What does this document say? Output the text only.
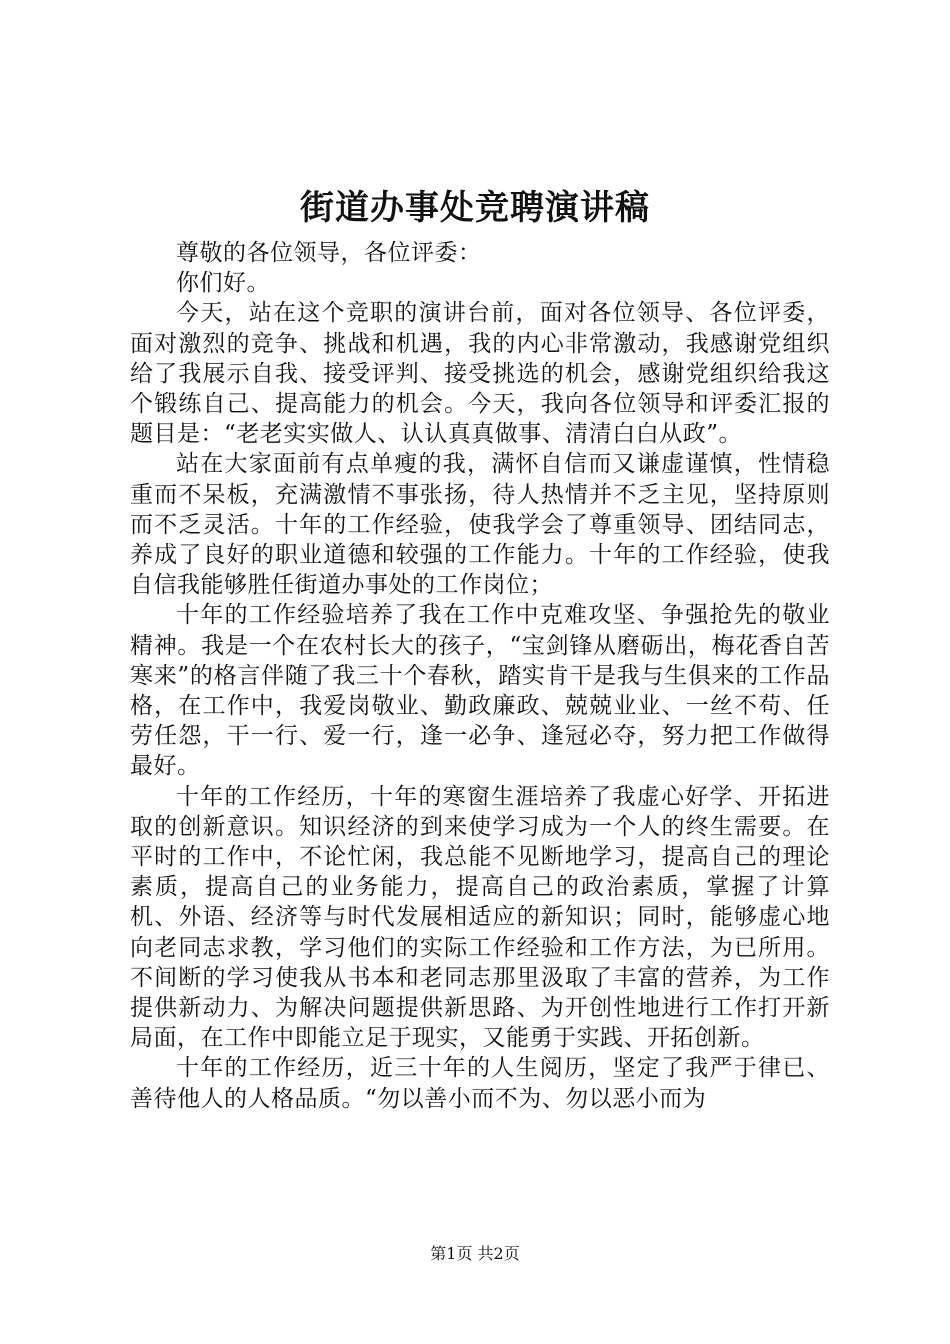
街道办事处竞聘演讲稿

尊敬的各位领导，各位评委：

你们好。

今天，站在这个竞职的演讲台前，面对各位领导、各位评委，面对激烈的竞争、挑战和机遇，我的内心非常激动，我感谢党组织给了我展示自我、接受评判、接受挑选的机会，感谢党组织给我这个锻练自己、提高能力的机会。今天，我向各位领导和评委汇报的题目是：“老老实实做人、认认真真做事、清清白白从政”。

站在大家面前有点单瘦的我，满怀自信而又谦虚谨慎，性情稳重而不呆板，充满激情不事张扬，待人热情并不乏主见，坚持原则而不乏灵活。十年的工作经验，使我学会了尊重领导、团结同志，养成了良好的职业道德和较强的工作能力。十年的工作经验，使我自信我能够胜任街道办事处的工作岗位；

十年的工作经验培养了我在工作中克难攻坚、争强抢先的敬业精神。我是一个在农村长大的孩子，“宝剑锋从磨砺出，梅花香自苦寒来”的格言伴随了我三十个春秋，踏实肯干是我与生俱来的工作品格，在工作中，我爱岗敬业、勤政廉政、兢兢业业、一丝不苟、任劳任怨，干一行、爱一行，逢一必争、逢冠必夺，努力把工作做得最好。

十年的工作经历，十年的寒窗生涯培养了我虚心好学、开拓进取的创新意识。知识经济的到来使学习成为一个人的终生需要。在平时的工作中，不论忙闲，我总能不见断地学习，提高自己的理论素质，提高自己的业务能力，提高自己的政治素质，掌握了计算机、外语、经济等与时代发展相适应的新知识；同时，能够虚心地向老同志求教，学习他们的实际工作经验和工作方法，为已所用。不间断的学习使我从书本和老同志那里汲取了丰富的营养，为工作提供新动力、为解决问题提供新思路、为开创性地进行工作打开新局面，在工作中即能立足于现实，又能勇于实践、开拓创新。

十年的工作经历，近三十年的人生阅历，坚定了我严于律已、善待他人的人格品质。“勿以善小而不为、勿以恶小而为

第1页 共2页
